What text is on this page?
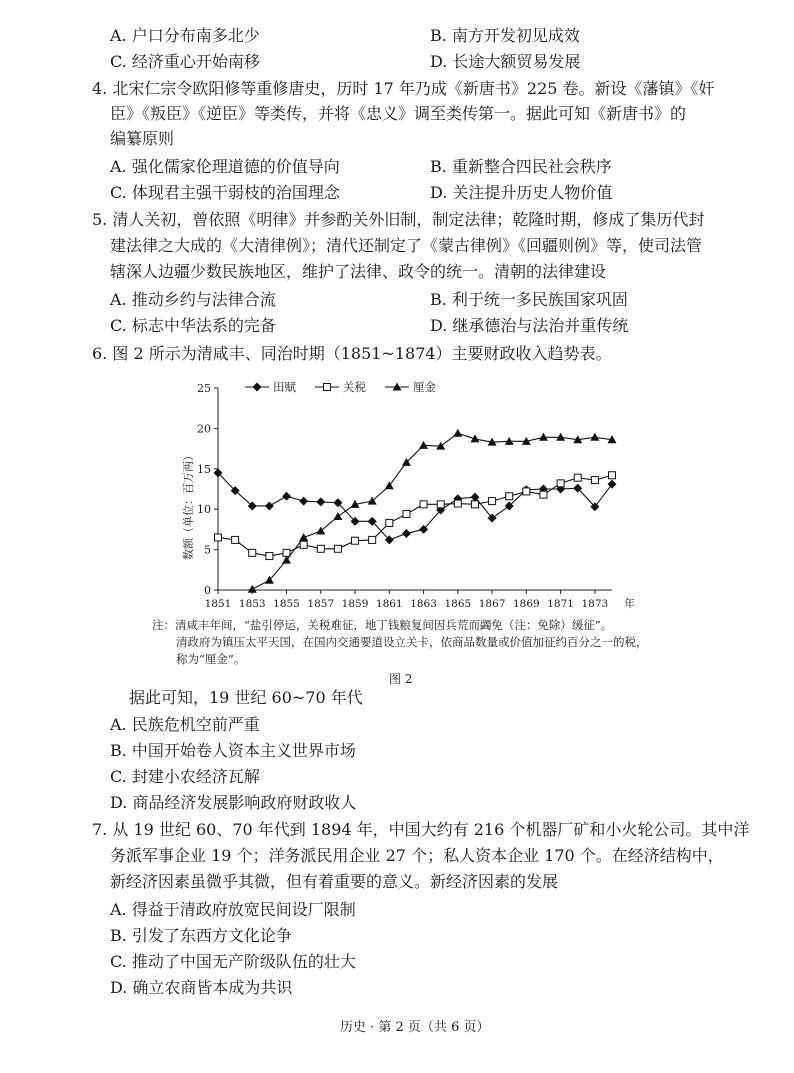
A. 户口分布南多北少	B. 南方开发初见成效
C. 经济重心开始南移	D. 长途大额贸易发展
4. 北宋仁宗令欧阳修等重修唐史，历时 17 年乃成《新唐书》225 卷。新设《藩镇》《奸
臣》《叛臣》《逆臣》等类传，并将《忠义》调至类传第一。据此可知《新唐书》的
编纂原则
A. 强化儒家伦理道德的价值导向	B. 重新整合四民社会秩序
C. 体现君主强干弱枝的治国理念	D. 关注提升历史人物价值
5. 清人关初，曾依照《明律》并参酌关外旧制，制定法律；乾隆时期，修成了集历代封
建法律之大成的《大清律例》；清代还制定了《蒙古律例》《回疆则例》等，使司法管
辖深人边疆少数民族地区，维护了法律、政令的统一。清朝的法律建设
A. 推动乡约与法律合流	B. 利于统一多民族国家巩固
C. 标志中华法系的完备	D. 继承德治与法治并重传统
6. 图 2 所示为清咸丰、同治时期（1851~1874）主要财政收入趋势表。
0
5
10
15
20
25
1851 1853 1855 1857 1859 1861 1863 1865 1867 1869 1871 1873 年
田赋	关税	厘金
数额（单位：百万两）
注：清咸丰年间，“盐引停运，关税难征，地丁钱粮复间因兵荒而蠲免（注：免除）缓征”。
清政府为镇压太平天国，在国内交通要道设立关卡，依商品数量或价值加征约百分之一的税，
称为“厘金”。
图 2
据此可知，19 世纪 60~70 年代
A. 民族危机空前严重
B. 中国开始卷人资本主义世界市场
C. 封建小农经济瓦解
D. 商品经济发展影响政府财政收人
7. 从 19 世纪 60、70 年代到 1894 年，中国大约有 216 个机器厂矿和小火轮公司。其中洋
务派军事企业 19 个；洋务派民用企业 27 个；私人资本企业 170 个。在经济结构中，
新经济因素虽微乎其微，但有着重要的意义。新经济因素的发展
A. 得益于清政府放宽民间设厂限制
B. 引发了东西方文化论争
C. 推动了中国无产阶级队伍的壮大
D. 确立农商皆本成为共识
历史 · 第 2 页（共 6 页）
